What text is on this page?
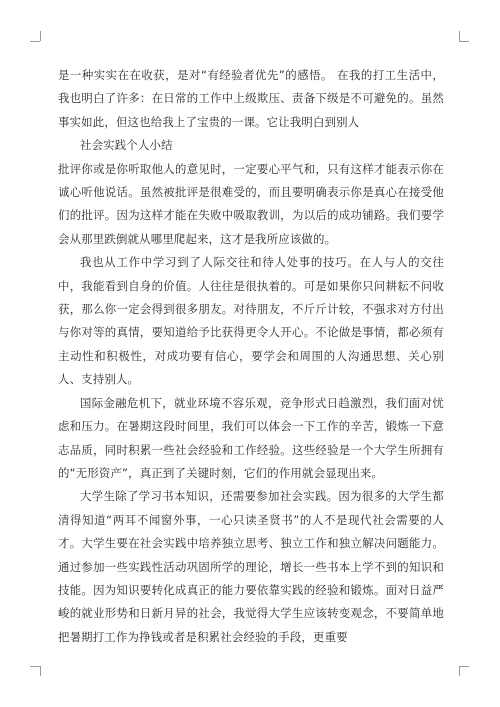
是一种实实在在收获，是对“有经验者优先”的感悟。 在我的打工生活中，我也明白了许多：在日常的工作中上级欺压、责备下级是不可避免的。虽然事实如此，但这也给我上了宝贵的一课。它让我明白到别人

社会实践个人小结

批评你或是你听取他人的意见时，一定要心平气和，只有这样才能表示你在诚心听他说话。虽然被批评是很难受的，而且要明确表示你是真心在接受他们的批评。因为这样才能在失败中吸取教训，为以后的成功铺路。我们要学会从那里跌倒就从哪里爬起来，这才是我所应该做的。

我也从工作中学习到了人际交往和待人处事的技巧。在人与人的交往中，我能看到自身的价值。人往往是很执着的。可是如果你只问耕耘不问收获，那么你一定会得到很多朋友。对待朋友，不斤斤计较，不强求对方付出与你对等的真情，要知道给予比获得更令人开心。不论做是事情，都必须有主动性和积极性，对成功要有信心，要学会和周围的人沟通思想、关心别人、支持别人。

国际金融危机下，就业环境不容乐观，竞争形式日趋激烈，我们面对忧虑和压力。在暑期这段时间里，我们可以体会一下工作的辛苦，锻炼一下意志品质，同时积累一些社会经验和工作经验。这些经验是一个大学生所拥有的“无形资产”，真正到了关键时刻，它们的作用就会显现出来。

大学生除了学习书本知识，还需要参加社会实践。因为很多的大学生都清得知道“两耳不闻窗外事，一心只读圣贤书”的人不是现代社会需要的人才。大学生要在社会实践中培养独立思考、独立工作和独立解决问题能力。通过参加一些实践性活动巩固所学的理论，增长一些书本上学不到的知识和技能。因为知识要转化成真正的能力要依靠实践的经验和锻炼。面对日益严峻的就业形势和日新月异的社会，我觉得大学生应该转变观念，不要简单地把暑期打工作为挣钱或者是积累社会经验的手段，更重要
